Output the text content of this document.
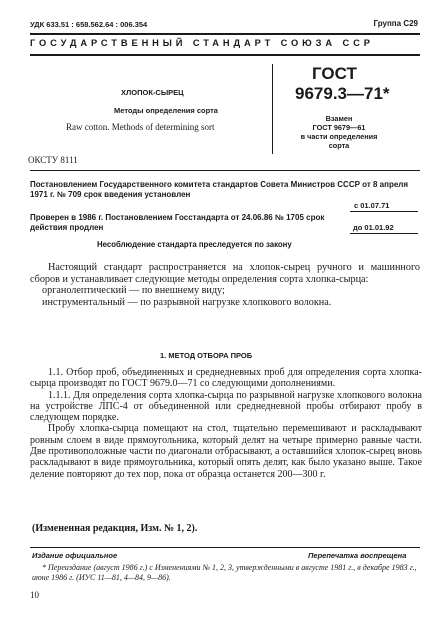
УДК 633.51 : 658.562.64 : 006.354	Группа С29
ГОСУДАРСТВЕННЫЙ СТАНДАРТ СОЮЗА ССР
ХЛОПОК-СЫРЕЦ
Методы определения сорта
Raw cotton. Methods of determining sort
ГОСТ
9679.3—71*
Взамен
ГОСТ 9679—61
в части определения
сорта
ОКСТУ 8111
Постановлением Государственного комитета стандартов Совета Министров СССР от 8 апреля 1971 г. № 709 срок введения установлен
с 01.07.71
Проверен в 1986 г. Постановлением Госстандарта от 24.06.86 № 1705 срок действия продлен	до 01.01.92
Несоблюдение стандарта преследуется по закону

Настоящий стандарт распространяется на хлопок-сырец ручного и машинного сборов и устанавливает следующие методы определения сорта хлопка-сырца:

органолептический — по внешнему виду;

инструментальный — по разрывной нагрузке хлопкового волокна.

1. МЕТОД ОТБОРА ПРОБ

1.1. Отбор проб, объединенных и среднедневных проб для определения сорта хлопка-сырца производят по ГОСТ 9679.0—71 со следующими дополнениями.

1.1.1. Для определения сорта хлопка-сырца по разрывной нагрузке хлопкового волокна на устройстве ЛПС-4 от объединенной или среднедневной пробы отбирают пробу в следующем порядке.

Пробу хлопка-сырца помещают на стол, тщательно перемешивают и раскладывают ровным слоем в виде прямоугольника, который делят на четыре примерно равные части. Две противоположные части по диагонали отбрасывают, а оставшийся хлопок-сырец вновь раскладывают в виде прямоугольника, который опять делят, как было указано выше. Такое деление повторяют до тех пор, пока от образца останется 200—300 г.

(Измененная редакция, Изм. № 1, 2).
Издание официальное	Перепечатка воспрещена
* Переиздание (август 1986 г.) с Изменениями № 1, 2, 3, утвержденными в августе 1981 г., в декабре 1983 г., июне 1986 г. (ИУС 11—81, 4—84, 9—86).
10
